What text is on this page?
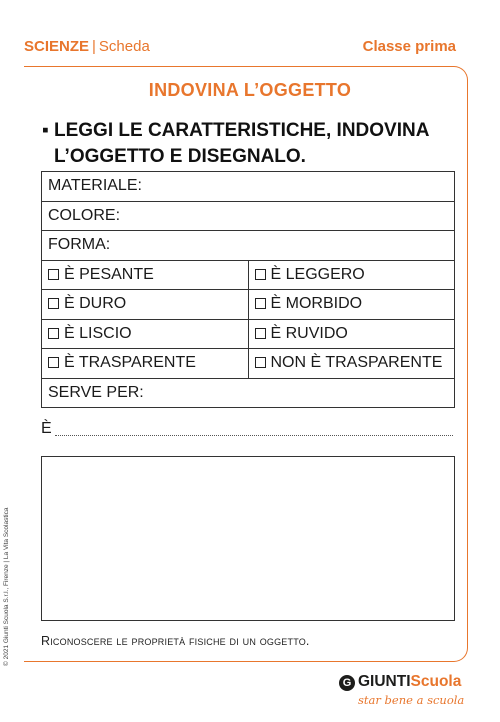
SCIENZE | Scheda	Classe prima
INDOVINA L’OGGETTO
▪ LEGGI LE CARATTERISTICHE, INDOVINA
L’OGGETTO E DISEGNALO.
MATERIALE:	
COLORE:	
FORMA:	
È PESANTE	È LEGGERO
È DURO	È MORBIDO
È LISCIO	È RUVIDO
È TRASPARENTE	NON È TRASPARENTE
SERVE PER:	
È
Riconoscere le proprietà fisiche di un oggetto.
© 2021 Giunti Scuola S.r.l., Firenze | La Vita Scolastica
G GIUNTIScuola
star bene a scuola
